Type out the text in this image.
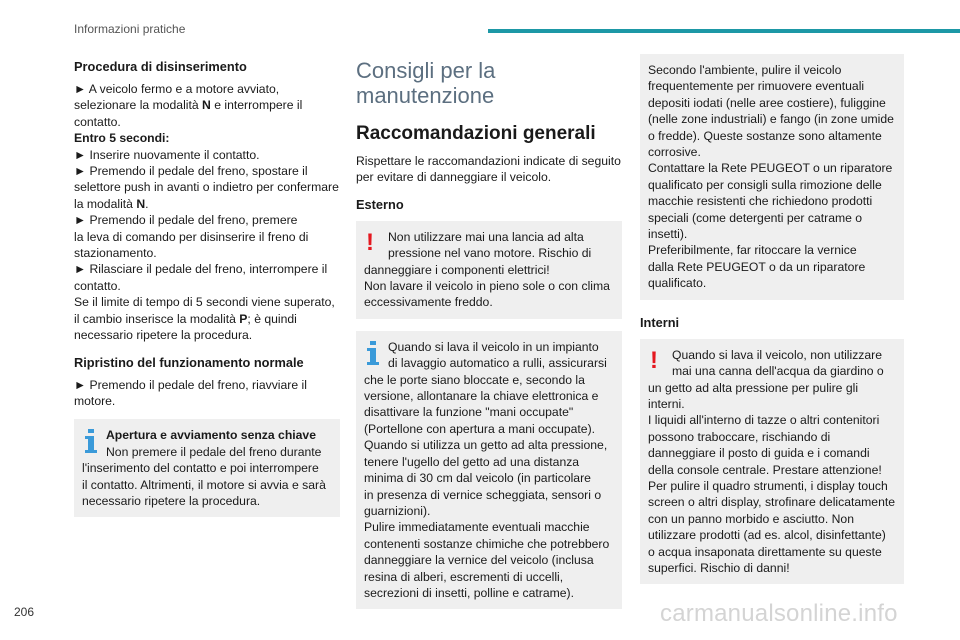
Informazioni pratiche
Procedura di disinserimento
► A veicolo fermo e a motore avviato,
selezionare la modalità N e interrompere il
contatto.
Entro 5 secondi:
► Inserire nuovamente il contatto.
► Premendo il pedale del freno, spostare il
selettore push in avanti o indietro per confermare
la modalità N.
► Premendo il pedale del freno, premere
la leva di comando per disinserire il freno di
stazionamento.
► Rilasciare il pedale del freno, interrompere il
contatto.
Se il limite di tempo di 5 secondi viene superato,
il cambio inserisce la modalità P; è quindi
necessario ripetere la procedura.
Ripristino del funzionamento normale
► Premendo il pedale del freno, riavviare il
motore.
Apertura e avviamento senza chiave
Non premere il pedale del freno durante
l'inserimento del contatto e poi interrompere
il contatto. Altrimenti, il motore si avvia e sarà
necessario ripetere la procedura.
Consigli per la
manutenzione
Raccomandazioni generali
Rispettare le raccomandazioni indicate di seguito
per evitare di danneggiare il veicolo.
Esterno
!	Non utilizzare mai una lancia ad alta
pressione nel vano motore. Rischio di
danneggiare i componenti elettrici!
Non lavare il veicolo in pieno sole o con clima
eccessivamente freddo.
Quando si lava il veicolo in un impianto
di lavaggio automatico a rulli, assicurarsi
che le porte siano bloccate e, secondo la
versione, allontanare la chiave elettronica e
disattivare la funzione "mani occupate"
(Portellone con apertura a mani occupate).
Quando si utilizza un getto ad alta pressione,
tenere l'ugello del getto ad una distanza
minima di 30 cm dal veicolo (in particolare
in presenza di vernice scheggiata, sensori o
guarnizioni).
Pulire immediatamente eventuali macchie
contenenti sostanze chimiche che potrebbero
danneggiare la vernice del veicolo (inclusa
resina di alberi, escrementi di uccelli,
secrezioni di insetti, polline e catrame).
Secondo l'ambiente, pulire il veicolo
frequentemente per rimuovere eventuali
depositi iodati (nelle aree costiere), fuliggine
(nelle zone industriali) e fango (in zone umide
o fredde). Queste sostanze sono altamente
corrosive.
Contattare la Rete PEUGEOT o un riparatore
qualificato per consigli sulla rimozione delle
macchie resistenti che richiedono prodotti
speciali (come detergenti per catrame o
insetti).
Preferibilmente, far ritoccare la vernice
dalla Rete PEUGEOT o da un riparatore
qualificato.
Interni
!	Quando si lava il veicolo, non utilizzare
mai una canna dell'acqua da giardino o
un getto ad alta pressione per pulire gli
interni.
I liquidi all'interno di tazze o altri contenitori
possono traboccare, rischiando di
danneggiare il posto di guida e i comandi
della console centrale. Prestare attenzione!
Per pulire il quadro strumenti, i display touch
screen o altri display, strofinare delicatamente
con un panno morbido e asciutto. Non
utilizzare prodotti (ad es. alcol, disinfettante)
o acqua insaponata direttamente su queste
superfici. Rischio di danni!
206	carmanualsonline.info
